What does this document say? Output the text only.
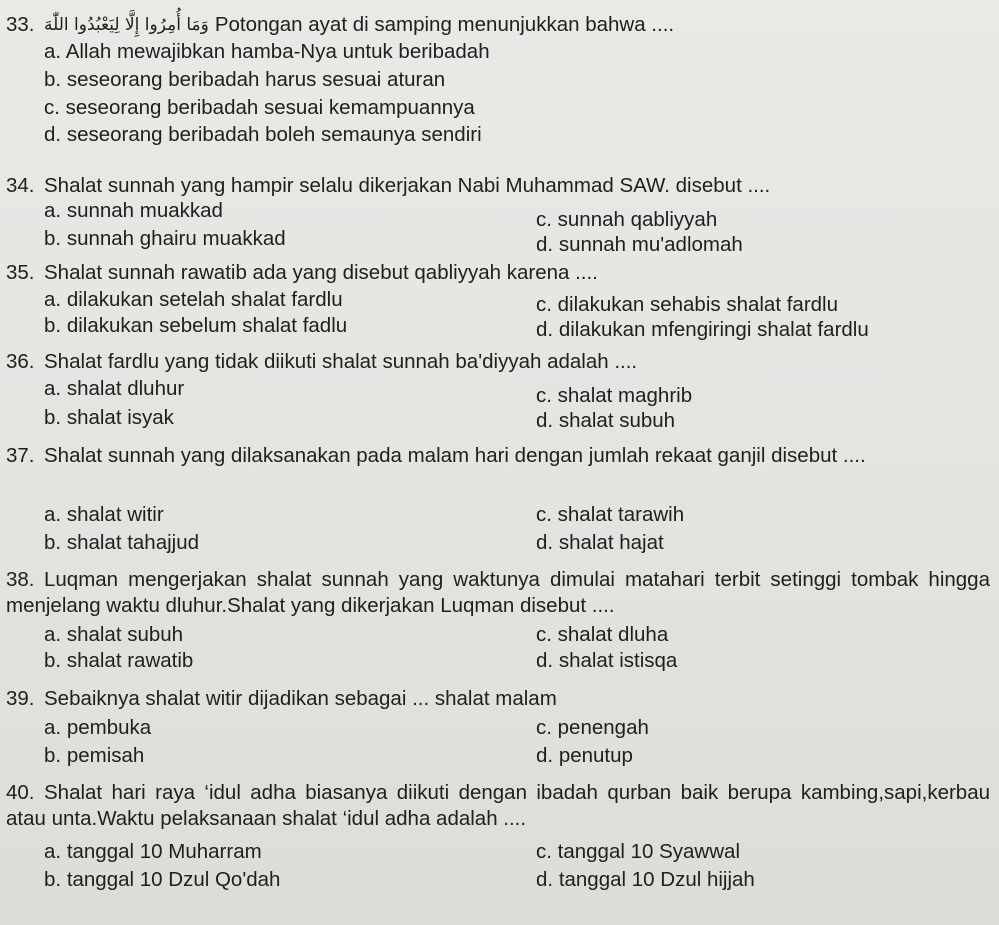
33. وَمَا أُمِرُوا إِلَّا لِيَعْبُدُوا اللّٰهَ Potongan ayat di samping menunjukkan bahwa ....
a. Allah mewajibkan hamba-Nya untuk beribadah
b. seseorang beribadah harus sesuai aturan
c. seseorang beribadah sesuai kemampuannya
d. seseorang beribadah boleh semaunya sendiri
34. Shalat sunnah yang hampir selalu dikerjakan Nabi Muhammad SAW. disebut ....
a. sunnah muakkad	c. sunnah qabliyyah
b. sunnah ghairu muakkad	d. sunnah mu'adlomah
35. Shalat sunnah rawatib ada yang disebut qabliyyah karena ....
a. dilakukan setelah shalat fardlu	c. dilakukan sehabis shalat fardlu
b. dilakukan sebelum shalat fadlu	d. dilakukan mfengiringi shalat fardlu
36. Shalat fardlu yang tidak diikuti shalat sunnah ba'diyyah adalah ....
a. shalat dluhur	c. shalat maghrib
b. shalat isyak	d. shalat subuh
37. Shalat sunnah yang dilaksanakan pada malam hari dengan jumlah rekaat ganjil disebut ....
a. shalat witir	c. shalat tarawih
b. shalat tahajjud	d. shalat hajat
38. Luqman mengerjakan shalat sunnah yang waktunya dimulai matahari terbit setinggi tombak hingga menjelang waktu dluhur.Shalat yang dikerjakan Luqman disebut ....
a. shalat subuh	c. shalat dluha
b. shalat rawatib	d. shalat istisqa
39. Sebaiknya shalat witir dijadikan sebagai ... shalat malam
a. pembuka	c. penengah
b. pemisah	d. penutup
40. Shalat hari raya ‘idul adha biasanya diikuti dengan ibadah qurban baik berupa kambing,sapi,kerbau atau unta.Waktu pelaksanaan shalat ‘idul adha adalah ....
a. tanggal 10 Muharram	c. tanggal 10 Syawwal
b. tanggal 10 Dzul Qo'dah	d. tanggal 10 Dzul hijjah
